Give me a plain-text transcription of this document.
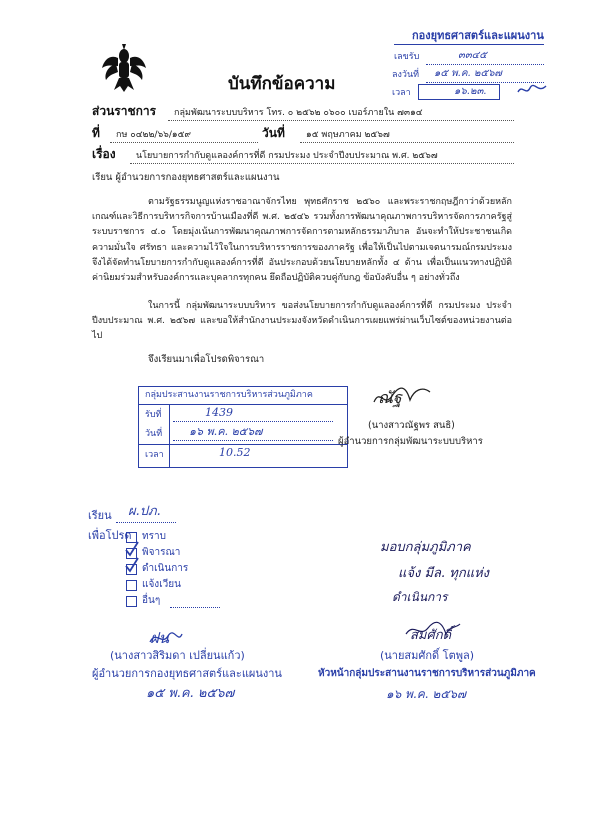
กองยุทธศาสตร์และแผนงาน
เลขรับ	๓๓๔๕
ลงวันที่ ๑๕ พ.ค. ๒๕๖๗
เวลา	๑๖.๒๓.
บันทึกข้อความ
ส่วนราชการ กลุ่มพัฒนาระบบบริหาร โทร. ๐ ๒๕๖๒ ๐๖๐๐ เบอร์ภายใน ๗๓๑๔
ที่ กษ ๐๔๒๒/๖๖/๑๕๙	วันที่ ๑๕ พฤษภาคม ๒๕๖๗
เรื่อง นโยบายการกำกับดูแลองค์การที่ดี กรมประมง ประจำปีงบประมาณ พ.ศ. ๒๕๖๗
เรียน ผู้อำนวยการกองยุทธศาสตร์และแผนงาน
ตามรัฐธรรมนูญแห่งราชอาณาจักรไทย พุทธศักราช ๒๕๖๐ และพระราชกฤษฎีกาว่าด้วยหลักเกณฑ์และวิธีการบริหารกิจการบ้านเมืองที่ดี พ.ศ. ๒๕๔๖ รวมทั้งการพัฒนาคุณภาพการบริหารจัดการภาครัฐสู่ระบบราชการ ๔.๐ โดยมุ่งเน้นการพัฒนาคุณภาพการจัดการตามหลักธรรมาภิบาล อันจะทำให้ประชาชนเกิดความมั่นใจ ศรัทธา และความไว้ใจในการบริหารราชการของภาครัฐ เพื่อให้เป็นไปตามเจตนารมณ์กรมประมง จึงได้จัดทำนโยบายการกำกับดูแลองค์การที่ดี อันประกอบด้วยนโยบายหลักทั้ง ๔ ด้าน เพื่อเป็นแนวทางปฏิบัติ ค่านิยมร่วมสำหรับองค์การและบุคลากรทุกคน ยึดถือปฏิบัติควบคู่กับกฎ ข้อบังคับอื่น ๆ อย่างทั่วถึง
ในการนี้ กลุ่มพัฒนาระบบบริหาร ขอส่งนโยบายการกำกับดูแลองค์การที่ดี กรมประมง ประจำปีงบประมาณ พ.ศ. ๒๕๖๗ และขอให้สำนักงานประมงจังหวัดดำเนินการเผยแพร่ผ่านเว็บไซต์ของหน่วยงานต่อไป
จึงเรียนมาเพื่อโปรดพิจารณา
กลุ่มประสานงานราชการบริหารส่วนภูมิภาค
รับที่	1439
วันที่ ๑๖ พ.ค. ๒๕๖๗
เวลา	10.52
ณัฐ
(นางสาวณัฐพร สนธิ)
ผู้อำนวยการกลุ่มพัฒนาระบบบริหาร
เรียน ผ.ปภ.
เพื่อโปรด ทราบ
พิจารณา
ดำเนินการ
แจ้งเวียน
อื่นๆ
ฝน
(นางสาวสิริมดา เปลี่ยนแก้ว)
ผู้อำนวยการกองยุทธศาสตร์และแผนงาน
๑๕ พ.ค. ๒๕๖๗
มอบกลุ่มภูมิภาค
แจ้ง มีล. ทุกแห่ง
ดำเนินการ
สมศักดิ์
(นายสมศักดิ์ โตพูล)
หัวหน้ากลุ่มประสานงานราชการบริหารส่วนภูมิภาค
๑๖ พ.ค. ๒๕๖๗
